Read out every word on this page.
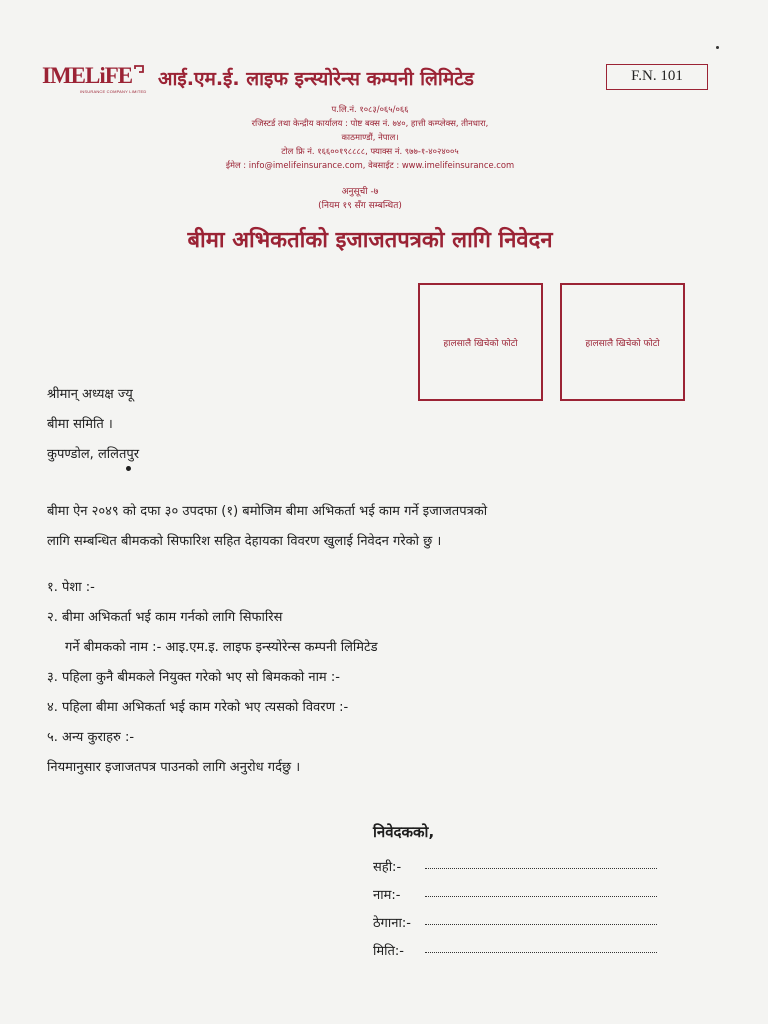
IMELiFE
INSURANCE COMPANY LIMITED
आई.एम.ई. लाइफ इन्स्योरेन्स कम्पनी लिमिटेड	F.N. 101
प.लि.नं. १०८३/०६५/०६६
रजिस्टर्ड तथा केन्द्रीय कार्यालय : पोष्ट बक्स नं. ७४०, हात्ती कम्प्लेक्स, तीनधारा,
काठमाण्डौं, नेपाल।
टोल फ्रि नं. १६६००१९८८८८, फ्याक्स नं. ९७७-१-४०२४००५
ईमेल : info@imelifeinsurance.com, वेबसाईट : www.imelifeinsurance.com
अनुसूची -७
(नियम १९ सँग सम्बन्धित)
बीमा अभिकर्ताको इजाजतपत्रको लागि निवेदन
हालसालै खिचेको फोटो	हालसालै खिचेको फोटो
श्रीमान् अध्यक्ष ज्यू
बीमा समिति ।
कुपण्डोल, ललितपुर
बीमा ऐन २०४९ को दफा ३० उपदफा (१) बमोजिम बीमा अभिकर्ता भई काम गर्ने इजाजतपत्रको
लागि सम्बन्धित बीमकको सिफारिश सहित देहायका विवरण खुलाई निवेदन गरेको छु ।
१. पेशा :-
२. बीमा अभिकर्ता भई काम गर्नको लागि सिफारिस
गर्ने बीमकको नाम :- आइ.एम.इ. लाइफ इन्स्योरेन्स कम्पनी लिमिटेड
३. पहिला कुनै बीमकले नियुक्त गरेको भए सो बिमकको नाम :-
४. पहिला बीमा अभिकर्ता भई काम गरेको भए त्यसको विवरण :-
५. अन्य कुराहरु :-
नियमानुसार इजाजतपत्र पाउनको लागि अनुरोध गर्दछु ।
निवेदकको,
सही:-
नाम:-
ठेगाना:-
मिति:-
